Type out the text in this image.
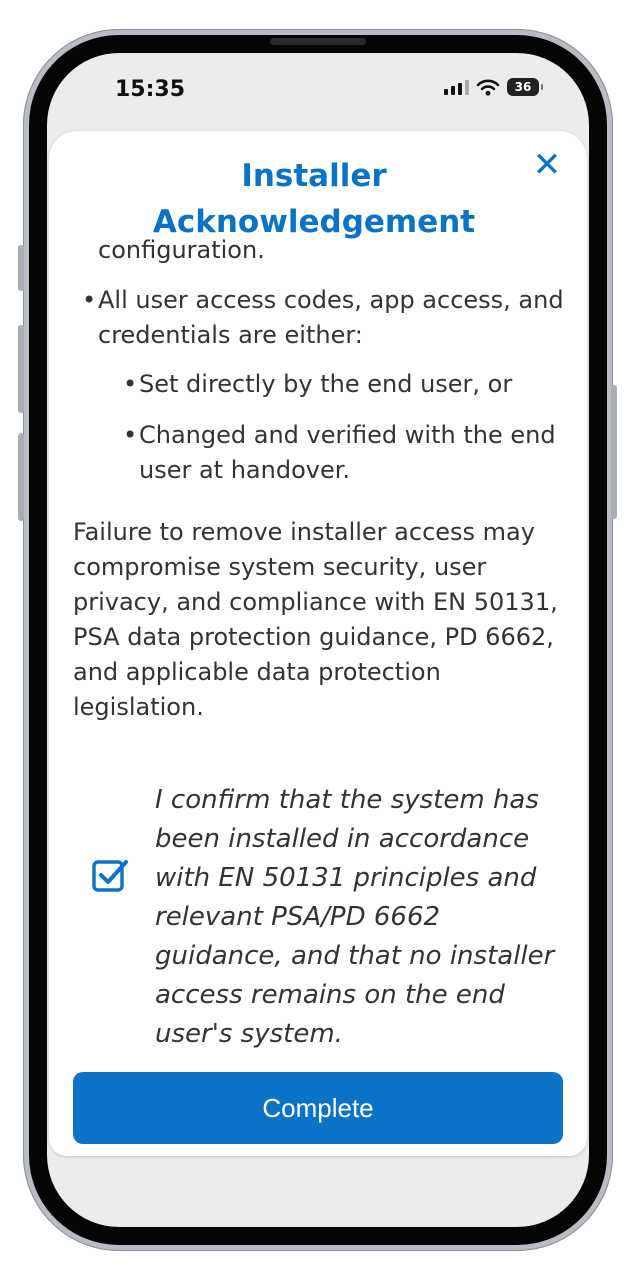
15:35	36
Installer Acknowledgement
✕
configuration.
• All user access codes, app access, and credentials are either:
• Set directly by the end user, or
• Changed and verified with the end user at handover.
Failure to remove installer access may compromise system security, user privacy, and compliance with EN 50131, PSA data protection guidance, PD 6662, and applicable data protection legislation.
I confirm that the system has been installed in accordance with EN 50131 principles and relevant PSA/PD 6662 guidance, and that no installer access remains on the end user's system.
Complete
